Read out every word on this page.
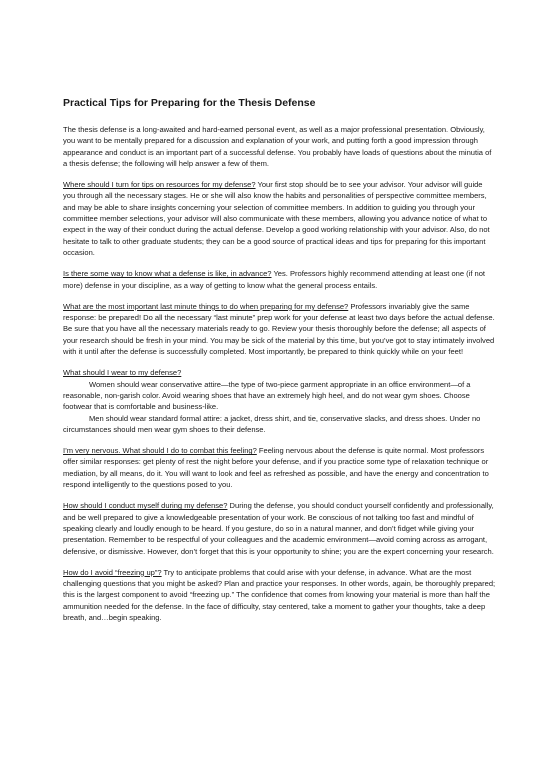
Practical Tips for Preparing for the Thesis Defense

The thesis defense is a long-awaited and hard-earned personal event, as well as a major professional presentation. Obviously, you want to be mentally prepared for a discussion and explanation of your work, and putting forth a good impression through appearance and conduct is an important part of a successful defense. You probably have loads of questions about the minutia of a thesis defense; the following will help answer a few of them.

Where should I turn for tips on resources for my defense? Your first stop should be to see your advisor. Your advisor will guide you through all the necessary stages. He or she will also know the habits and personalities of perspective committee members, and may be able to share insights concerning your selection of committee members. In addition to guiding you through your committee member selections, your advisor will also communicate with these members, allowing you advance notice of what to expect in the way of their conduct during the actual defense. Develop a good working relationship with your advisor. Also, do not hesitate to talk to other graduate students; they can be a good source of practical ideas and tips for preparing for this important occasion.

Is there some way to know what a defense is like, in advance? Yes. Professors highly recommend attending at least one (if not more) defense in your discipline, as a way of getting to know what the general process entails.

What are the most important last minute things to do when preparing for my defense? Professors invariably give the same response: be prepared! Do all the necessary “last minute” prep work for your defense at least two days before the actual defense. Be sure that you have all the necessary materials ready to go. Review your thesis thoroughly before the defense; all aspects of your research should be fresh in your mind. You may be sick of the material by this time, but you’ve got to stay intimately involved with it until after the defense is successfully completed. Most importantly, be prepared to think quickly while on your feet!

What should I wear to my defense?

Women should wear conservative attire—the type of two-piece garment appropriate in an office environment—of a reasonable, non-garish color. Avoid wearing shoes that have an extremely high heel, and do not wear gym shoes. Choose footwear that is comfortable and business-like.

Men should wear standard formal attire: a jacket, dress shirt, and tie, conservative slacks, and dress shoes. Under no circumstances should men wear gym shoes to their defense.

I’m very nervous. What should I do to combat this feeling? Feeling nervous about the defense is quite normal. Most professors offer similar responses: get plenty of rest the night before your defense, and if you practice some type of relaxation technique or mediation, by all means, do it. You will want to look and feel as refreshed as possible, and have the energy and concentration to respond intelligently to the questions posed to you.

How should I conduct myself during my defense? During the defense, you should conduct yourself confidently and professionally, and be well prepared to give a knowledgeable presentation of your work. Be conscious of not talking too fast and mindful of speaking clearly and loudly enough to be heard. If you gesture, do so in a natural manner, and don’t fidget while giving your presentation. Remember to be respectful of your colleagues and the academic environment—avoid coming across as arrogant, defensive, or dismissive. However, don’t forget that this is your opportunity to shine; you are the expert concerning your research.

How do I avoid “freezing up”? Try to anticipate problems that could arise with your defense, in advance. What are the most challenging questions that you might be asked? Plan and practice your responses. In other words, again, be thoroughly prepared; this is the largest component to avoid “freezing up.” The confidence that comes from knowing your material is more than half the ammunition needed for the defense. In the face of difficulty, stay centered, take a moment to gather your thoughts, take a deep breath, and…begin speaking.
